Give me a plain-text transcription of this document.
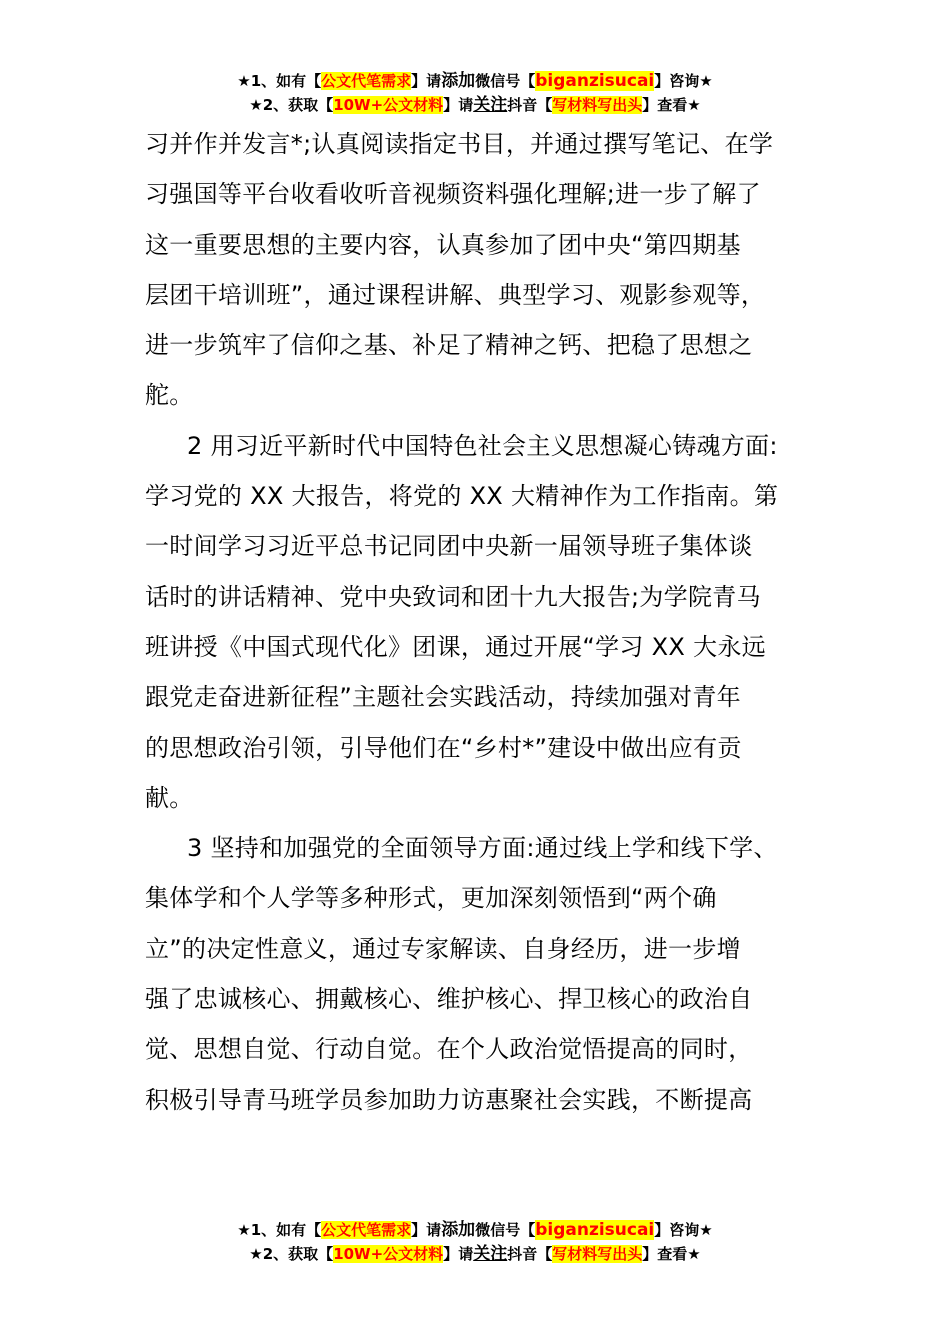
★1、如有【公文代笔需求】请添加微信号【biganzisucai】咨询★
★2、获取【10W+公文材料】请关注抖音【写材料写出头】查看★
习并作并发言*;认真阅读指定书目，并通过撰写笔记、在学
习强国等平台收看收听音视频资料强化理解;进一步了解了
这一重要思想的主要内容，认真参加了团中央“第四期基
层团干培训班”，通过课程讲解、典型学习、观影参观等，
进一步筑牢了信仰之基、补足了精神之钙、把稳了思想之
舵。
2 用习近平新时代中国特色社会主义思想凝心铸魂方面:
学习党的 XX 大报告，将党的 XX 大精神作为工作指南。第
一时间学习习近平总书记同团中央新一届领导班子集体谈
话时的讲话精神、党中央致词和团十九大报告;为学院青马
班讲授《中国式现代化》团课，通过开展“学习 XX 大永远
跟党走奋进新征程”主题社会实践活动，持续加强对青年
的思想政治引领，引导他们在“乡村*”建设中做出应有贡
献。
3 坚持和加强党的全面领导方面:通过线上学和线下学、
集体学和个人学等多种形式，更加深刻领悟到“两个确
立”的决定性意义，通过专家解读、自身经历，进一步增
强了忠诚核心、拥戴核心、维护核心、捍卫核心的政治自
觉、思想自觉、行动自觉。在个人政治觉悟提高的同时，
积极引导青马班学员参加助力访惠聚社会实践，不断提高
★1、如有【公文代笔需求】请添加微信号【biganzisucai】咨询★
★2、获取【10W+公文材料】请关注抖音【写材料写出头】查看★
